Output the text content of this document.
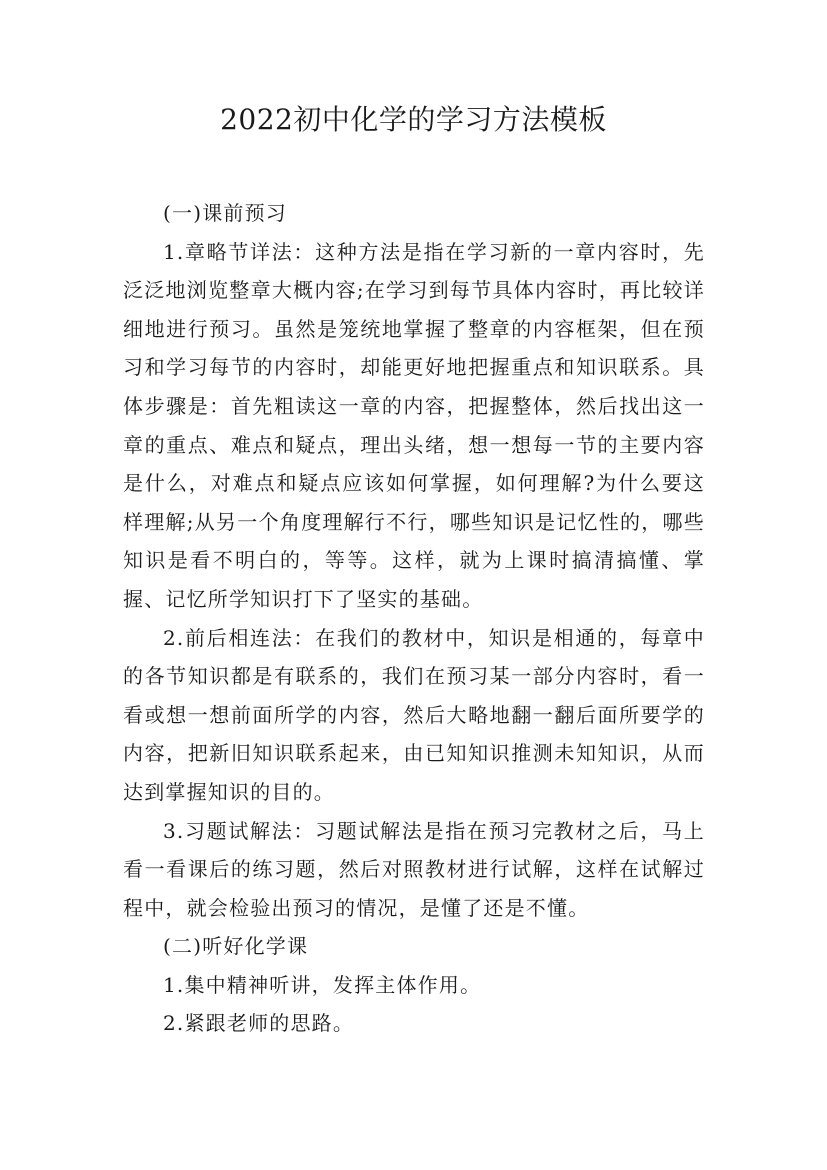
2022初中化学的学习方法模板

(一)课前预习

1.章略节详法：这种方法是指在学习新的一章内容时，先泛泛地浏览整章大概内容;在学习到每节具体内容时，再比较详细地进行预习。虽然是笼统地掌握了整章的内容框架，但在预习和学习每节的内容时，却能更好地把握重点和知识联系。具体步骤是：首先粗读这一章的内容，把握整体，然后找出这一章的重点、难点和疑点，理出头绪，想一想每一节的主要内容是什么，对难点和疑点应该如何掌握，如何理解?为什么要这样理解;从另一个角度理解行不行，哪些知识是记忆性的，哪些知识是看不明白的，等等。这样，就为上课时搞清搞懂、掌握、记忆所学知识打下了坚实的基础。

2.前后相连法：在我们的教材中，知识是相通的，每章中的各节知识都是有联系的，我们在预习某一部分内容时，看一看或想一想前面所学的内容，然后大略地翻一翻后面所要学的内容，把新旧知识联系起来，由已知知识推测未知知识，从而达到掌握知识的目的。

3.习题试解法：习题试解法是指在预习完教材之后，马上看一看课后的练习题，然后对照教材进行试解，这样在试解过程中，就会检验出预习的情况，是懂了还是不懂。

(二)听好化学课

1.集中精神听讲，发挥主体作用。

2.紧跟老师的思路。
